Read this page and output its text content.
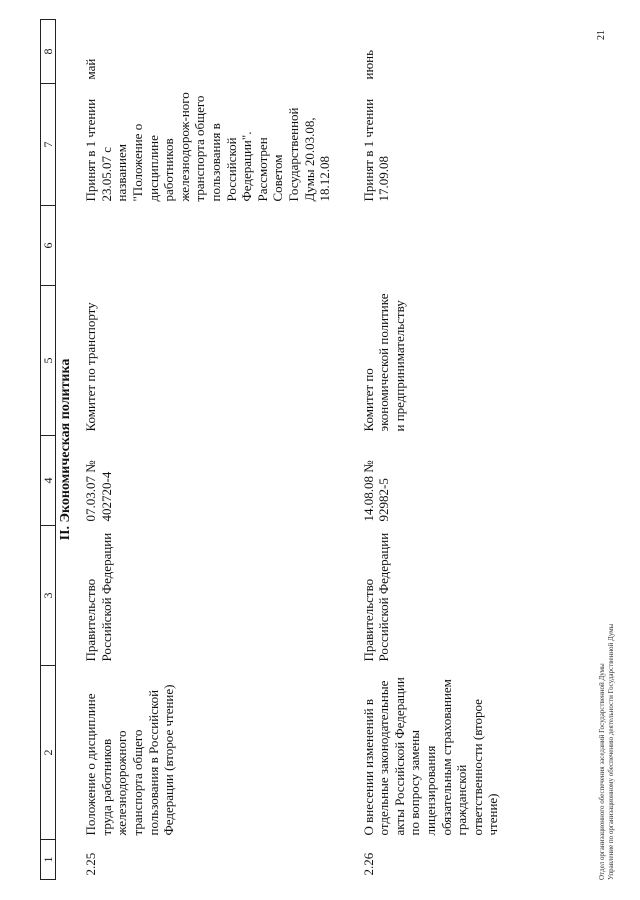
1	2	3	4	5	6	7	8
II. Экономическая политика							
2.25	Положение о дисциплине труда работников железнодорожного транспорта общего пользования в Российской Федерации (второе чтение)	Правительство Российской Федерации	07.03.07 № 402720-4	Комитет по транспорту		Принят в 1 чтении 23.05.07 с названием "Положение о дисциплине работников железнодорож-ного транспорта общего пользования в Российской Федерации". Рассмотрен Советом Государственной Думы 20.03.08, 18.12.08	май
2.26	О внесении изменений в отдельные законодательные акты Российской Федерации по вопросу замены лицензирования обязательным страхованием гражданской ответственности (второе чтение)	Правительство Российской Федерации	14.08.08 № 92982-5	Комитет по экономической политике и предпринимательству		Принят в 1 чтении 17.09.08	июнь
Отдел организационного обеспечения заседаний Государственной Думы Управление по организационному обеспечению деятельности Государственной Думы
21
